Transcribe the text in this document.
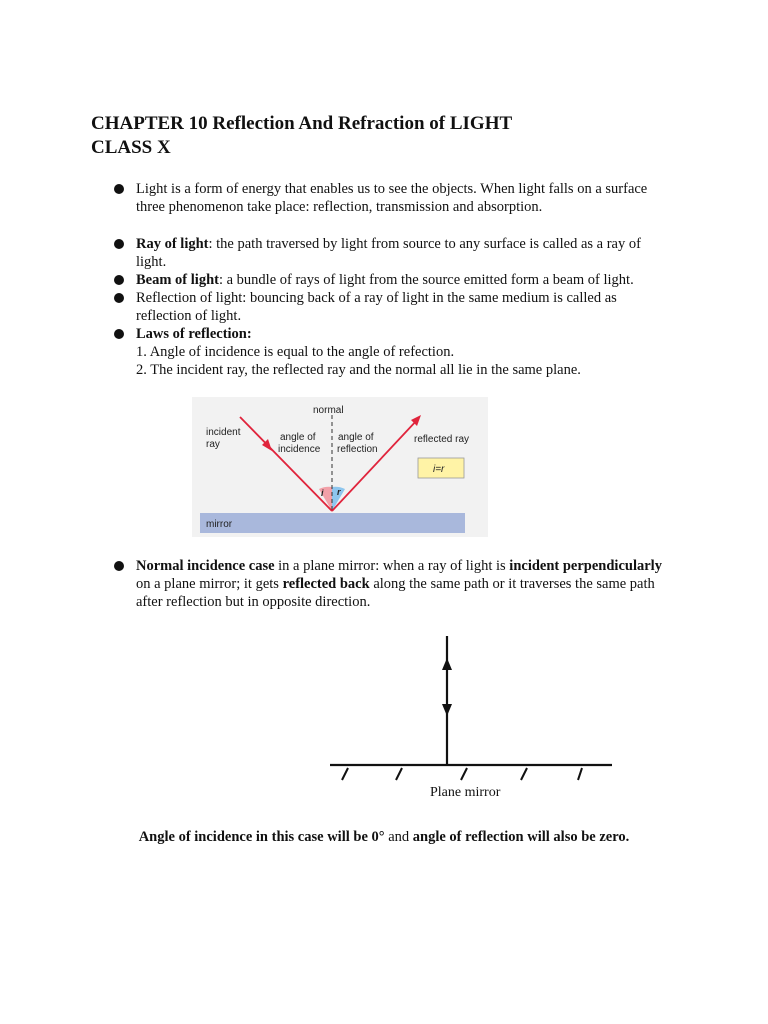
CHAPTER 10 Reflection And Refraction of LIGHT
CLASS X

Light is a form of energy that enables us to see the objects. When light falls on a surface three phenomenon take place: reflection, transmission and absorption.

Ray of light: the path traversed by light from source to any surface is called as a ray of light.

Beam of light: a bundle of rays of light from the source emitted form a beam of light.

Reflection of light: bouncing back of a ray of light in the same medium is called as reflection of light.

Laws of reflection:

1. Angle of incidence is equal to the angle of refection.

2. The incident ray, the reflected ray and the normal all lie in the same plane.

mirror
normal
incident
ray
angle of
incidence
angle of
reflection
reflected ray
i=r
i r

Normal incidence case in a plane mirror: when a ray of light is incident perpendicularly on a plane mirror; it gets reflected back along the same path or it traverses the same path after reflection but in opposite direction.

Plane mirror
Angle of incidence in this case will be 0° and angle of reflection will also be zero.
